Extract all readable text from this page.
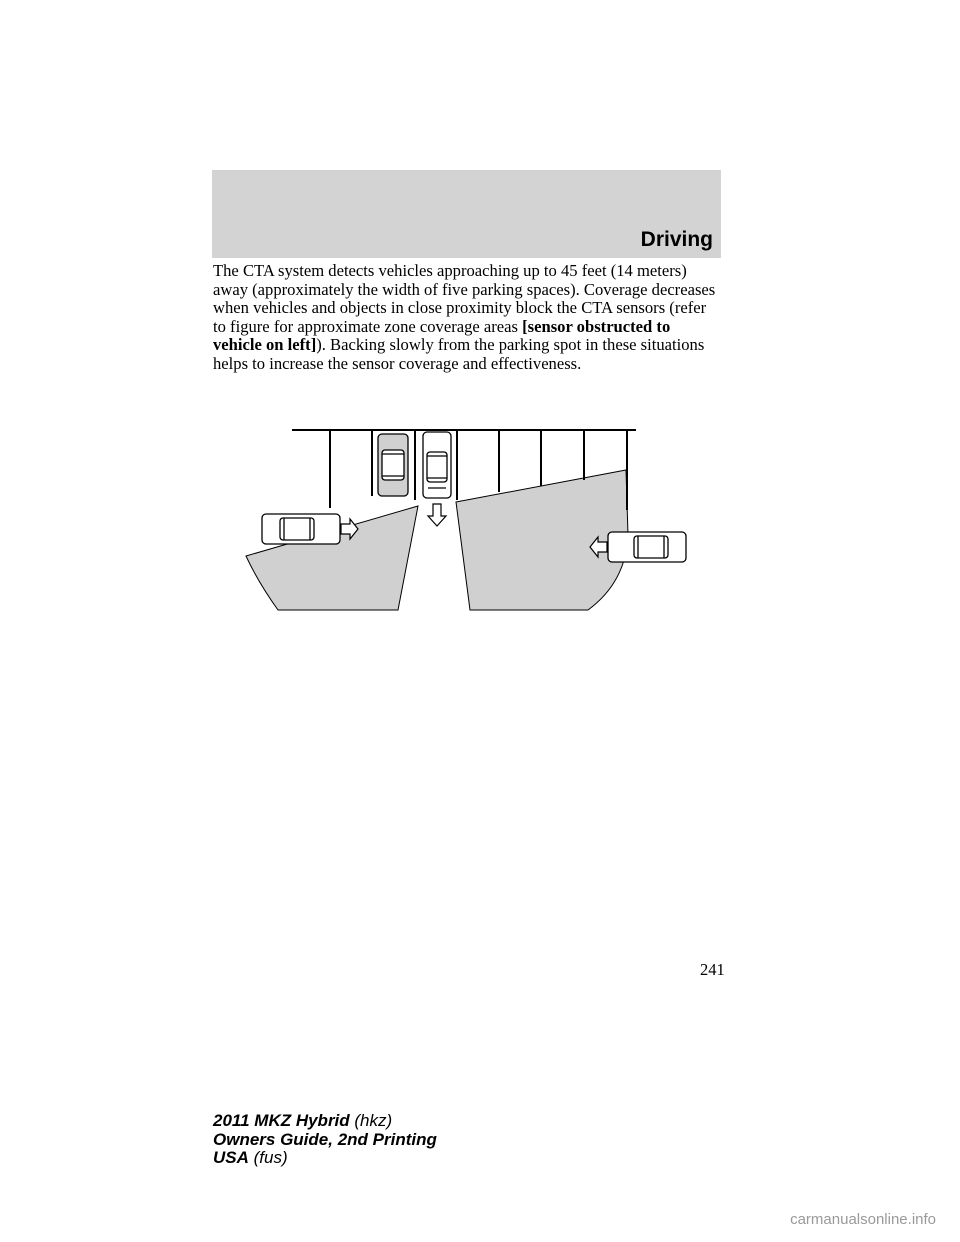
Driving

The CTA system detects vehicles approaching up to 45 feet (14 meters) away (approximately the width of five parking spaces). Coverage decreases when vehicles and objects in close proximity block the CTA sensors (refer to figure for approximate zone coverage areas [sensor obstructed to vehicle on left]). Backing slowly from the parking spot in these situations helps to increase the sensor coverage and effectiveness.

241
2011 MKZ Hybrid (hkz)
Owners Guide, 2nd Printing
USA (fus)
carmanualsonline.info
